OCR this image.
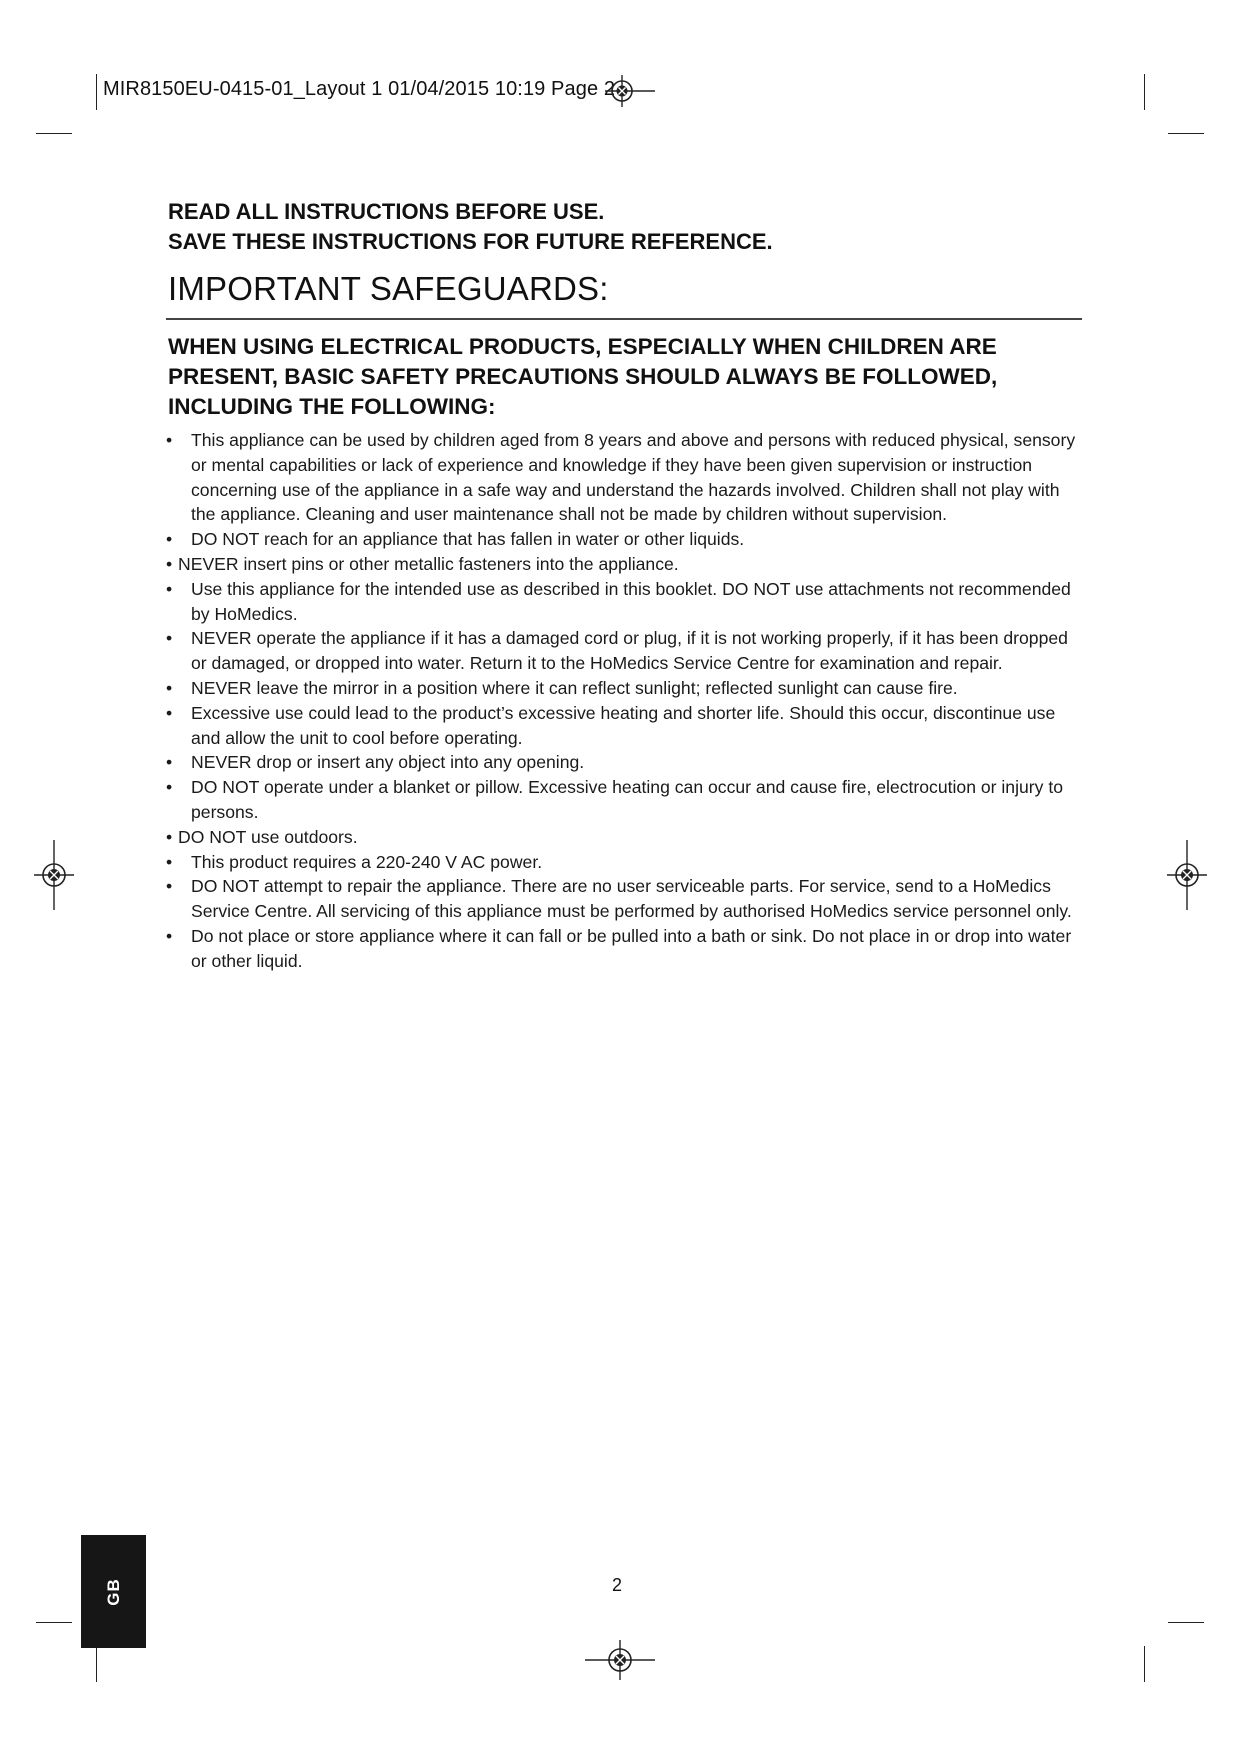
MIR8150EU-0415-01_Layout 1 01/04/2015 10:19 Page 2
READ ALL INSTRUCTIONS BEFORE USE.
SAVE THESE INSTRUCTIONS FOR FUTURE REFERENCE.
IMPORTANT SAFEGUARDS:
WHEN USING ELECTRICAL PRODUCTS, ESPECIALLY WHEN CHILDREN ARE PRESENT, BASIC SAFETY PRECAUTIONS SHOULD ALWAYS BE FOLLOWED, INCLUDING THE FOLLOWING:
•	This appliance can be used by children aged from 8 years and above and persons with reduced physical, sensory or mental capabilities or lack of experience and knowledge if they have been given supervision or instruction concerning use of the appliance in a safe way and understand the hazards involved. Children shall not play with the appliance. Cleaning and user maintenance shall not be made by children without supervision.
•	DO NOT reach for an appliance that has fallen in water or other liquids.
• NEVER insert pins or other metallic fasteners into the appliance.
•	Use this appliance for the intended use as described in this booklet. DO NOT use attachments not recommended by HoMedics.
•	NEVER operate the appliance if it has a damaged cord or plug, if it is not working properly, if it has been dropped or damaged, or dropped into water. Return it to the HoMedics Service Centre for examination and repair.
•	NEVER leave the mirror in a position where it can reflect sunlight; reflected sunlight can cause fire.
•	Excessive use could lead to the product’s excessive heating and shorter life. Should this occur, discontinue use and allow the unit to cool before operating.
•	NEVER drop or insert any object into any opening.
•	DO NOT operate under a blanket or pillow. Excessive heating can occur and cause fire, electrocution or injury to persons.
• DO NOT use outdoors.
•	This product requires a 220-240 V AC power.
•	DO NOT attempt to repair the appliance. There are no user serviceable parts. For service, send to a HoMedics Service Centre. All servicing of this appliance must be performed by authorised HoMedics service personnel only.
•	Do not place or store appliance where it can fall or be pulled into a bath or sink. Do not place in or drop into water or other liquid.
GB	2
